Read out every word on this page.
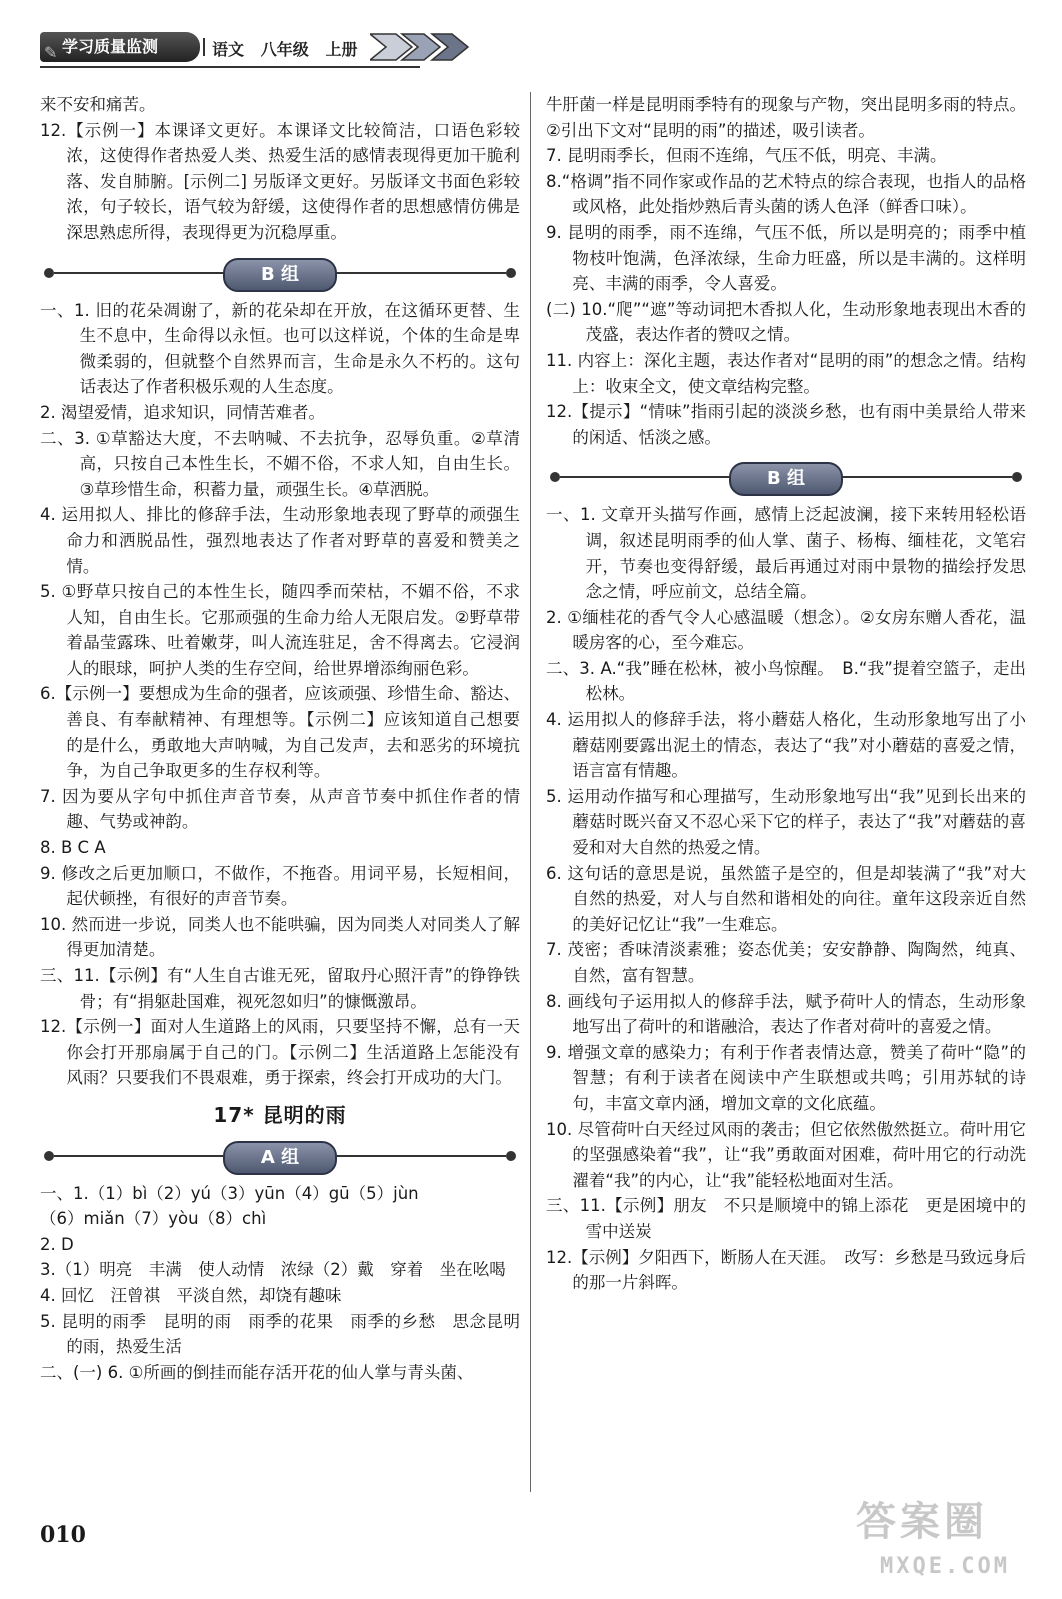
✎ 学习质量监测	语文 八年级 上册

来不安和痛苦。

12.【示例一】本课译文更好。本课译文比较简洁，口语色彩较浓，这使得作者热爱人类、热爱生活的感情表现得更加干脆利落、发自肺腑。[示例二] 另版译文更好。另版译文书面色彩较浓，句子较长，语气较为舒缓，这使得作者的思想感情仿佛是深思熟虑所得，表现得更为沉稳厚重。

B 组

一、1. 旧的花朵凋谢了，新的花朵却在开放，在这循环更替、生生不息中，生命得以永恒。也可以这样说，个体的生命是卑微柔弱的，但就整个自然界而言，生命是永久不朽的。这句话表达了作者积极乐观的人生态度。

2. 渴望爱情，追求知识，同情苦难者。

二、3. ①草豁达大度，不去呐喊、不去抗争，忍辱负重。②草清高，只按自己本性生长，不媚不俗，不求人知，自由生长。③草珍惜生命，积蓄力量，顽强生长。④草洒脱。

4. 运用拟人、排比的修辞手法，生动形象地表现了野草的顽强生命力和洒脱品性，强烈地表达了作者对野草的喜爱和赞美之情。

5. ①野草只按自己的本性生长，随四季而荣枯，不媚不俗，不求人知，自由生长。它那顽强的生命力给人无限启发。②野草带着晶莹露珠、吐着嫩芽，叫人流连驻足，舍不得离去。它浸润人的眼球，呵护人类的生存空间，给世界增添绚丽色彩。

6.【示例一】要想成为生命的强者，应该顽强、珍惜生命、豁达、善良、有奉献精神、有理想等。【示例二】应该知道自己想要的是什么，勇敢地大声呐喊，为自己发声，去和恶劣的环境抗争，为自己争取更多的生存权利等。

7. 因为要从字句中抓住声音节奏，从声音节奏中抓住作者的情趣、气势或神韵。

8. B C A

9. 修改之后更加顺口，不做作，不拖沓。用词平易，长短相间，起伏顿挫，有很好的声音节奏。

10. 然而进一步说，同类人也不能哄骗，因为同类人对同类人了解得更加清楚。

三、11.【示例】有“人生自古谁无死，留取丹心照汗青”的铮铮铁骨；有“捐躯赴国难，视死忽如归”的慷慨激昂。

12.【示例一】面对人生道路上的风雨，只要坚持不懈，总有一天你会打开那扇属于自己的门。【示例二】生活道路上怎能没有风雨？只要我们不畏艰难，勇于探索，终会打开成功的大门。

17* 昆明的雨
A 组

一、1.（1）bì（2）yú（3）yūn（4）gū（5）jùn

（6）miǎn（7）yòu（8）chì

2. D

3.（1）明亮　丰满　使人动情　浓绿（2）戴　穿着　坐在吆喝

4. 回忆　汪曾祺　平淡自然，却饶有趣味

5. 昆明的雨季　昆明的雨　雨季的花果　雨季的乡愁　思念昆明的雨，热爱生活

二、(一) 6. ①所画的倒挂而能存活开花的仙人掌与青头菌、

牛肝菌一样是昆明雨季特有的现象与产物，突出昆明多雨的特点。②引出下文对“昆明的雨”的描述，吸引读者。

7. 昆明雨季长，但雨不连绵，气压不低，明亮、丰满。

8.“格调”指不同作家或作品的艺术特点的综合表现，也指人的品格或风格，此处指炒熟后青头菌的诱人色泽（鲜香口味）。

9. 昆明的雨季，雨不连绵，气压不低，所以是明亮的；雨季中植物枝叶饱满，色泽浓绿，生命力旺盛，所以是丰满的。这样明亮、丰满的雨季，令人喜爱。

(二) 10.“爬”“遮”等动词把木香拟人化，生动形象地表现出木香的茂盛，表达作者的赞叹之情。

11. 内容上：深化主题，表达作者对“昆明的雨”的想念之情。结构上：收束全文，使文章结构完整。

12.【提示】“情味”指雨引起的淡淡乡愁，也有雨中美景给人带来的闲适、恬淡之感。

B 组

一、1. 文章开头描写作画，感情上泛起波澜，接下来转用轻松语调，叙述昆明雨季的仙人掌、菌子、杨梅、缅桂花，文笔宕开，节奏也变得舒缓，最后再通过对雨中景物的描绘抒发思念之情，呼应前文，总结全篇。

2. ①缅桂花的香气令人心感温暖（想念）。②女房东赠人香花，温暖房客的心，至今难忘。

二、3. A.“我”睡在松林，被小鸟惊醒。　B.“我”提着空篮子，走出松林。

4. 运用拟人的修辞手法，将小蘑菇人格化，生动形象地写出了小蘑菇刚要露出泥土的情态，表达了“我”对小蘑菇的喜爱之情，语言富有情趣。

5. 运用动作描写和心理描写，生动形象地写出“我”见到长出来的蘑菇时既兴奋又不忍心采下它的样子，表达了“我”对蘑菇的喜爱和对大自然的热爱之情。

6. 这句话的意思是说，虽然篮子是空的，但是却装满了“我”对大自然的热爱，对人与自然和谐相处的向往。童年这段亲近自然的美好记忆让“我”一生难忘。

7. 茂密；香味清淡素雅；姿态优美；安安静静、陶陶然，纯真、自然，富有智慧。

8. 画线句子运用拟人的修辞手法，赋予荷叶人的情态，生动形象地写出了荷叶的和谐融洽，表达了作者对荷叶的喜爱之情。

9. 增强文章的感染力；有利于作者表情达意，赞美了荷叶“隐”的智慧；有利于读者在阅读中产生联想或共鸣；引用苏轼的诗句，丰富文章内涵，增加文章的文化底蕴。

10. 尽管荷叶白天经过风雨的袭击；但它依然傲然挺立。荷叶用它的坚强感染着“我”，让“我”勇敢面对困难，荷叶用它的行动洗濯着“我”的内心，让“我”能轻松地面对生活。

三、11.【示例】朋友　不只是顺境中的锦上添花　更是困境中的雪中送炭

12.【示例】夕阳西下，断肠人在天涯。　改写：乡愁是马致远身后的那一片斜晖。

010	答案圈
MXQE.COM
